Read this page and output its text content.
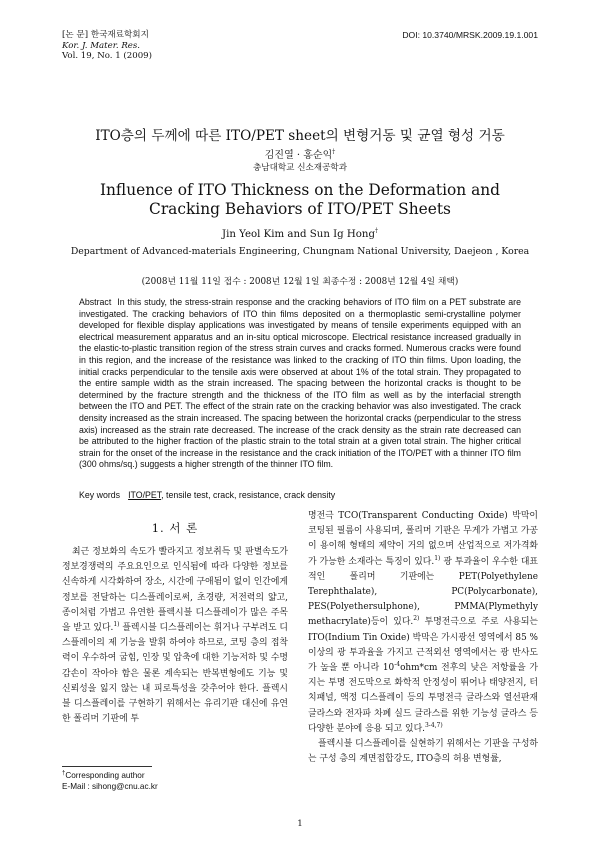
[논 문] 한국재료학회지
Kor. J. Mater. Res.
Vol. 19, No. 1 (2009)
DOI: 10.3740/MRSK.2009.19.1.001
ITO층의 두께에 따른 ITO/PET sheet의 변형거동 및 균열 형성 거동
김진열 · 홍순익†
충남대학교 신소재공학과
Influence of ITO Thickness on the Deformation and Cracking Behaviors of ITO/PET Sheets
Jin Yeol Kim and Sun Ig Hong†
Department of Advanced-materials Engineering, Chungnam National University, Daejeon , Korea
(2008년 11월 11일 접수 : 2008년 12월 1일 최종수정 : 2008년 12월 4일 채택)
Abstract In this study, the stress-strain response and the cracking behaviors of ITO film on a PET substrate are investigated. The cracking behaviors of ITO thin films deposited on a thermoplastic semi-crystalline polymer developed for flexible display applications was investigated by means of tensile experiments equipped with an electrical measurement apparatus and an in-situ optical microscope. Electrical resistance increased gradually in the elastic-to-plastic transition region of the stress strain curves and cracks formed. Numerous cracks were found in this region, and the increase of the resistance was linked to the cracking of ITO thin films. Upon loading, the initial cracks perpendicular to the tensile axis were observed at about 1% of the total strain. They propagated to the entire sample width as the strain increased. The spacing between the horizontal cracks is thought to be determined by the fracture strength and the thickness of the ITO film as well as by the interfacial strength between the ITO and PET. The effect of the strain rate on the cracking behavior was also investigated. The crack density increased as the strain increased. The spacing between the horizontal cracks (perpendicular to the stress axis) increased as the strain rate decreased. The increase of the crack density as the strain rate decreased can be attributed to the higher fraction of the plastic strain to the total strain at a given total strain. The higher critical strain for the onset of the increase in the resistance and the crack initiation of the ITO/PET with a thinner ITO film (300 ohms/sq.) suggests a higher strength of the thinner ITO film.
Key words ITO/PET, tensile test, crack, resistance, crack density
1. 서 론
최근 정보화의 속도가 빨라지고 정보취득 및 판별속도가 정보경쟁력의 주요요인으로 인식됨에 따라 다양한 정보를 신속하게 시각화하여 장소, 시간에 구애됨이 없이 인간에게 정보를 전달하는 디스플레이로써, 초경량, 저전력의 얇고, 종이처럼 가볍고 유연한 플렉시블 디스플레이가 많은 주목을 받고 있다.$^{1)}$ 플렉시블 디스플레이는 휘거나 구부려도 디스플레이의 제 기능을 발휘 하여야 하므로, 코팅 층의 접착력이 우수하여 굽힘, 인장 및 압축에 대한 기능저하 및 수명 감손이 작아야 함은 물론 계속되는 반복변형에도 기능 및 신뢰성을 잃지 않는 내 피로특성을 갖추어야 한다. 플렉시블 디스플레이를 구현하기 위해서는 유리기판 대신에 유연한 폴리머 기판에 투
명전극 TCO(Transparent Conducting Oxide) 박막이 코팅된 필름이 사용되며, 폴리머 기판은 무게가 가볍고 가공이 용이해 형태의 제약이 거의 없으며 산업적으로 저가격화가 가능한 소재라는 특징이 있다.$^{1)}$ 광 투과율이 우수한 대표적인 폴리머 기판에는 PET(Polyethylene Terephthalate), PC(Polycarbonate), PES(Polyethersulphone), PMMA(Plymethyly methacrylate)등이 있다.$^{2)}$ 투명전극으로 주로 사용되는 ITO(Indium Tin Oxide) 박막은 가시광선 영역에서 85 %이상의 광 투과율을 가지고 근적외선 영역에서는 광 반사도가 높을 뿐 아니라 $10^{-4}ohm*cm$ 전후의 낮은 저항률을 가지는 투명 전도막으로 화학적 안정성이 뛰어나 태양전지, 터치패널, 액정 디스플레이 등의 투명전극 글라스와 열선판재글라스와 전자파 차폐 실드 글라스를 위한 기능성 글라스 등 다양한 분야에 응용 되고 있다.$^{3-4,7)}$
플렉시블 디스플레이를 실현하기 위해서는 기판을 구성하는 구성 층의 계면접합강도, ITO층의 허용 변형률,
†Corresponding author
E-Mail : sihong@cnu.ac.kr
1
